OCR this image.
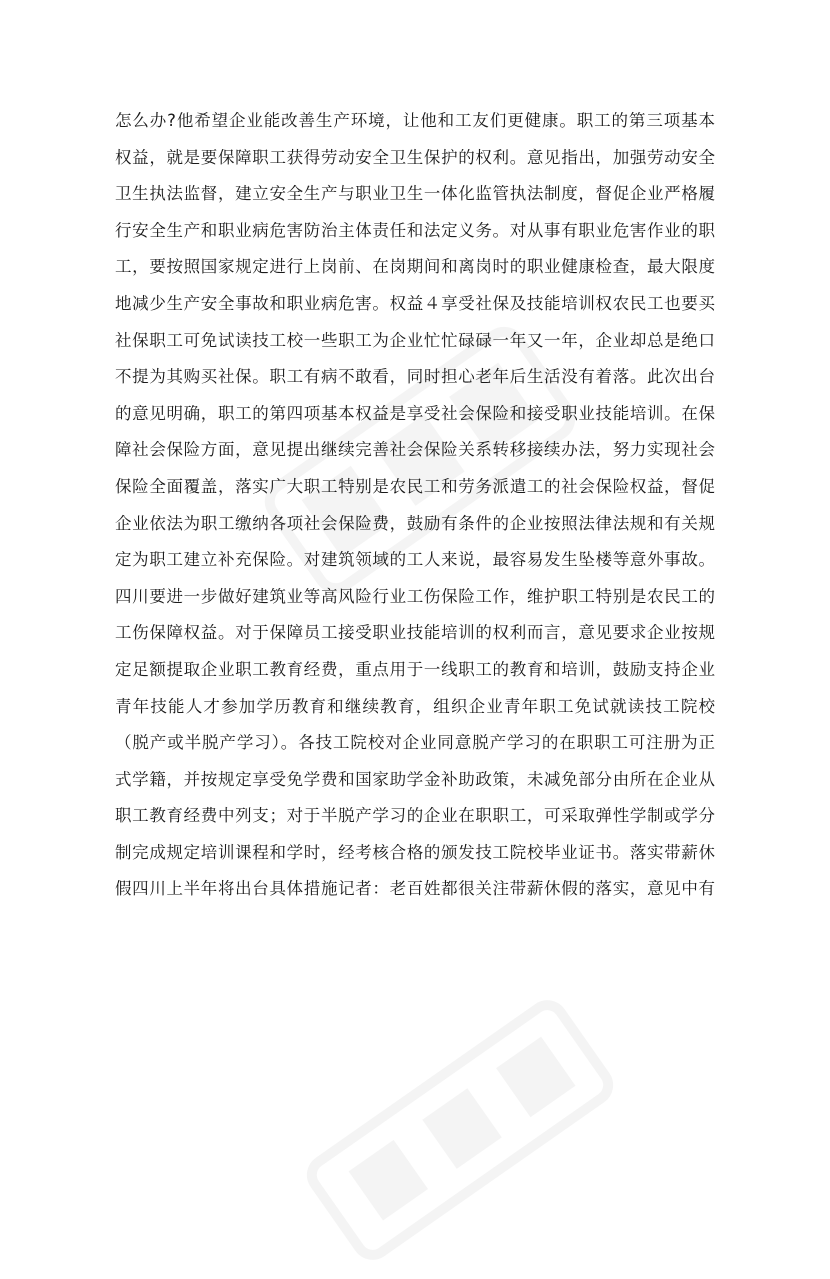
怎么办?他希望企业能改善生产环境，让他和工友们更健康。职工的第三项基本
权益，就是要保障职工获得劳动安全卫生保护的权利。意见指出，加强劳动安全
卫生执法监督，建立安全生产与职业卫生一体化监管执法制度，督促企业严格履
行安全生产和职业病危害防治主体责任和法定义务。对从事有职业危害作业的职
工，要按照国家规定进行上岗前、在岗期间和离岗时的职业健康检查，最大限度
地减少生产安全事故和职业病危害。权益４享受社保及技能培训权农民工也要买
社保职工可免试读技工校一些职工为企业忙忙碌碌一年又一年，企业却总是绝口
不提为其购买社保。职工有病不敢看，同时担心老年后生活没有着落。此次出台
的意见明确，职工的第四项基本权益是享受社会保险和接受职业技能培训。在保
障社会保险方面，意见提出继续完善社会保险关系转移接续办法，努力实现社会
保险全面覆盖，落实广大职工特别是农民工和劳务派遣工的社会保险权益，督促
企业依法为职工缴纳各项社会保险费，鼓励有条件的企业按照法律法规和有关规
定为职工建立补充保险。对建筑领域的工人来说，最容易发生坠楼等意外事故。
四川要进一步做好建筑业等高风险行业工伤保险工作，维护职工特别是农民工的
工伤保障权益。对于保障员工接受职业技能培训的权利而言，意见要求企业按规
定足额提取企业职工教育经费，重点用于一线职工的教育和培训，鼓励支持企业
青年技能人才参加学历教育和继续教育，组织企业青年职工免试就读技工院校
（脱产或半脱产学习）。各技工院校对企业同意脱产学习的在职职工可注册为正
式学籍，并按规定享受免学费和国家助学金补助政策，未减免部分由所在企业从
职工教育经费中列支；对于半脱产学习的企业在职职工，可采取弹性学制或学分
制完成规定培训课程和学时，经考核合格的颁发技工院校毕业证书。落实带薪休
假四川上半年将出台具体措施记者：老百姓都很关注带薪休假的落实，意见中有
